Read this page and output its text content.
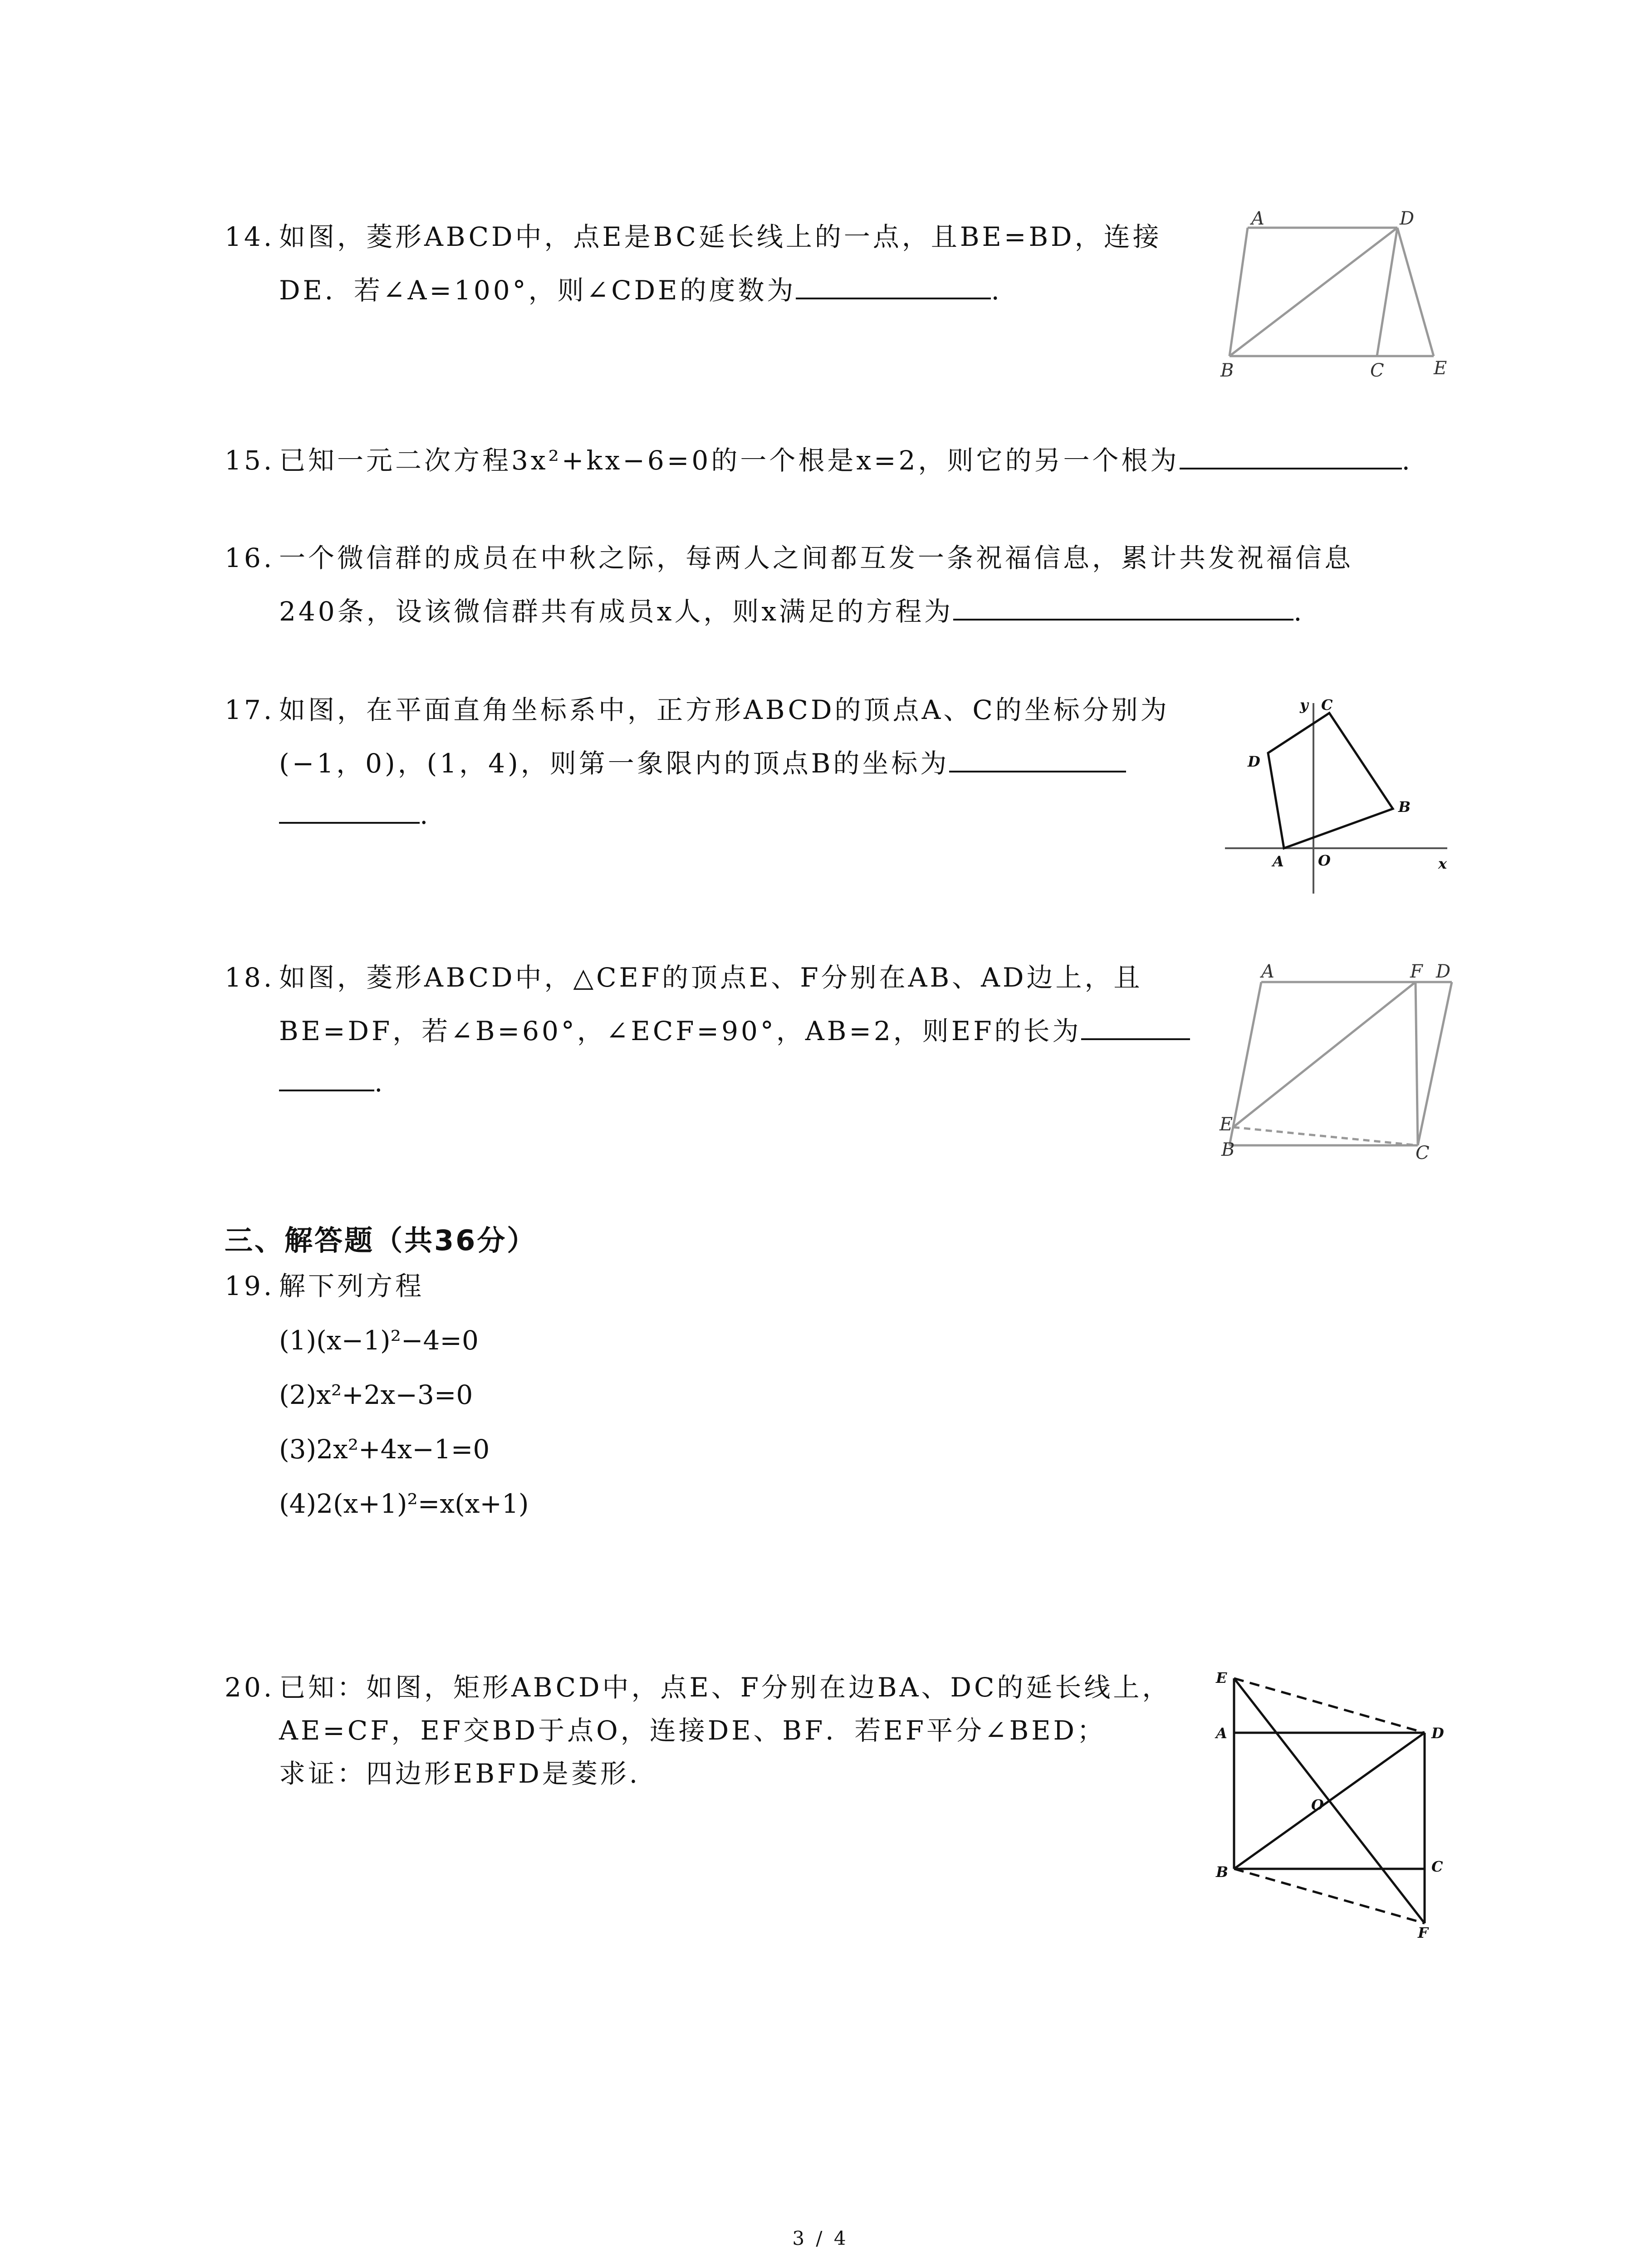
14. 如图，菱形ABCD中，点E是BC延长线上的一点，且BE=BD，连接
DE．若∠A=100°，则∠CDE的度数为	.
A	D
B	C	E
15. 已知一元二次方程3x²+kx−6=0的一个根是x=2，则它的另一个根为	.
16. 一个微信群的成员在中秋之际，每两人之间都互发一条祝福信息，累计共发祝福信息
240条，设该微信群共有成员x人，则x满足的方程为	.
17. 如图，在平面直角坐标系中，正方形ABCD的顶点A、C的坐标分别为
(−1，0)，(1，4)，则第一象限内的顶点B的坐标为
.
y C
D
B
A O	x
18. 如图，菱形ABCD中，△CEF的顶点E、F分别在AB、AD边上，且
BE=DF，若∠B=60°，∠ECF=90°，AB=2，则EF的长为
.
A	F D
E
B	C
三、解答题（共36分）
19. 解下列方程
(1)(x−1)²−4=0
(2)x²+2x−3=0
(3)2x²+4x−1=0
(4)2(x+1)²=x(x+1)
20. 已知：如图，矩形ABCD中，点E、F分别在边BA、DC的延长线上，
AE=CF，EF交BD于点O，连接DE、BF．若EF平分∠BED；
求证：四边形EBFD是菱形.
E
A	D
O
B	C
F
3 / 4
